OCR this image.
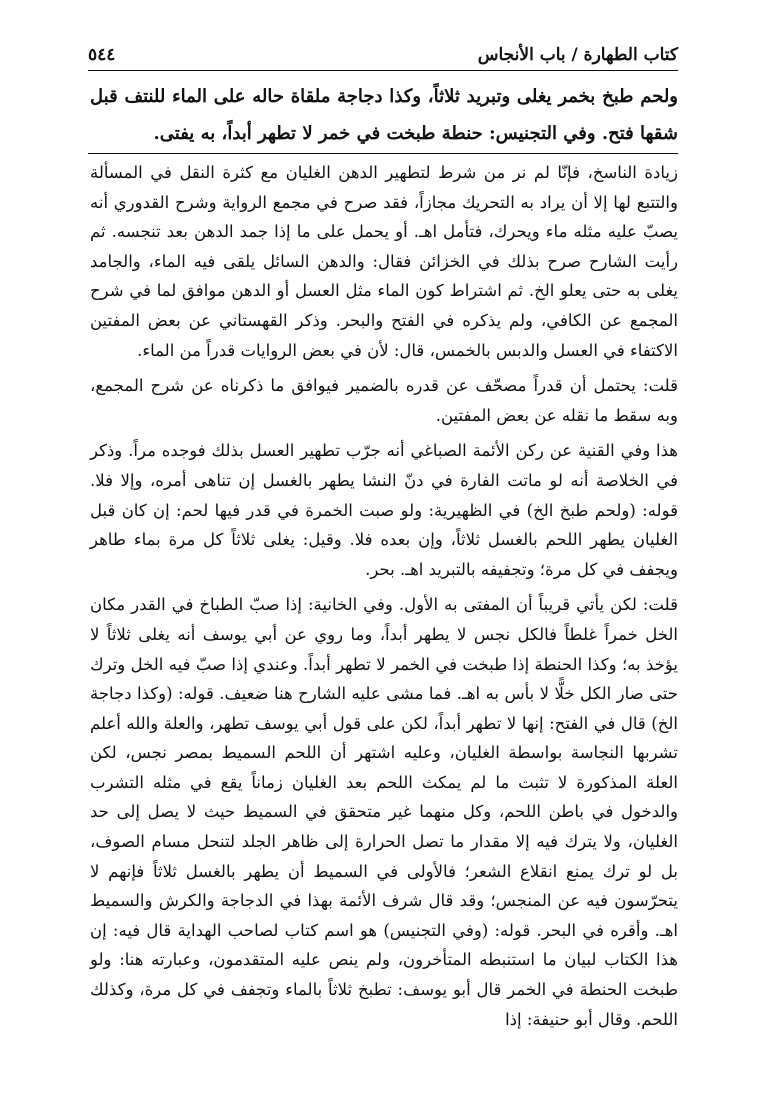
كتاب الطهارة / باب الأنجاس
٥٤٤

ولحم طبخ بخمر يغلى وتبريد ثلاثاً، وكذا دجاجة ملقاة حاله على الماء للنتف قبل شقها فتح. وفي التجنيس: حنطة طبخت في خمر لا تطهر أبداً، به يفتى.

زيادة الناسخ، فإنّا لم نر من شرط لتطهير الدهن الغليان مع كثرة النقل في المسألة والتتبع لها إلا أن يراد به التحريك مجازاً، فقد صرح في مجمع الرواية وشرح القدوري أنه يصبّ عليه مثله ماء ويحرك، فتأمل اهـ. أو يحمل على ما إذا جمد الدهن بعد تنجسه. ثم رأيت الشارح صرح بذلك في الخزائن فقال: والدهن السائل يلقى فيه الماء، والجامد يغلى به حتى يعلو الخ. ثم اشتراط كون الماء مثل العسل أو الدهن موافق لما في شرح المجمع عن الكافي، ولم يذكره في الفتح والبحر. وذكر القهستاني عن بعض المفتين الاكتفاء في العسل والدبس بالخمس، قال: لأن في بعض الروايات قدراً من الماء.

قلت: يحتمل أن قدراً مصحّف عن قدره بالضمير فيوافق ما ذكرناه عن شرح المجمع، وبه سقط ما نقله عن بعض المفتين.

هذا وفي القنية عن ركن الأئمة الصباغي أنه جرّب تطهير العسل بذلك فوجده مراً. وذكر في الخلاصة أنه لو ماتت الفارة في دنّ النشا يطهر بالغسل إن تناهى أمره، وإلا فلا. قوله: (ولحم طبخ الخ) في الظهيرية: ولو صبت الخمرة في قدر فيها لحم: إن كان قبل الغليان يطهر اللحم بالغسل ثلاثاً، وإن بعده فلا. وقيل: يغلى ثلاثاً كل مرة بماء طاهر ويجفف في كل مرة؛ وتجفيفه بالتبريد اهـ. بحر.

قلت: لكن يأتي قريباً أن المفتى به الأول. وفي الخانية: إذا صبّ الطباخ في القدر مكان الخل خمراً غلطاً فالكل نجس لا يطهر أبداً، وما روي عن أبي يوسف أنه يغلى ثلاثاً لا يؤخذ به؛ وكذا الحنطة إذا طبخت في الخمر لا تطهر أبداً. وعندي إذا صبّ فيه الخل وترك حتى صار الكل خلًّا لا بأس به اهـ. فما مشى عليه الشارح هنا ضعيف. قوله: (وكذا دجاجة الخ) قال في الفتح: إنها لا تطهر أبداً، لكن على قول أبي يوسف تطهر، والعلة والله أعلم تشربها النجاسة بواسطة الغليان، وعليه اشتهر أن اللحم السميط بمصر نجس، لكن العلة المذكورة لا تثبت ما لم يمكث اللحم بعد الغليان زماناً يقع في مثله التشرب والدخول في باطن اللحم، وكل منهما غير متحقق في السميط حيث لا يصل إلى حد الغليان، ولا يترك فيه إلا مقدار ما تصل الحرارة إلى ظاهر الجلد لتنحل مسام الصوف، بل لو ترك يمنع انقلاع الشعر؛ فالأولى في السميط أن يطهر بالغسل ثلاثاً فإنهم لا يتحرّسون فيه عن المنجس؛ وقد قال شرف الأئمة بهذا في الدجاجة والكرش والسميط اهـ. وأقره في البحر. قوله: (وفي التجنيس) هو اسم كتاب لصاحب الهداية قال فيه: إن هذا الكتاب لبيان ما استنبطه المتأخرون، ولم ينص عليه المتقدمون، وعبارته هنا: ولو طبخت الحنطة في الخمر قال أبو يوسف: تطبخ ثلاثاً بالماء وتجفف في كل مرة، وكذلك اللحم. وقال أبو حنيفة: إذا
